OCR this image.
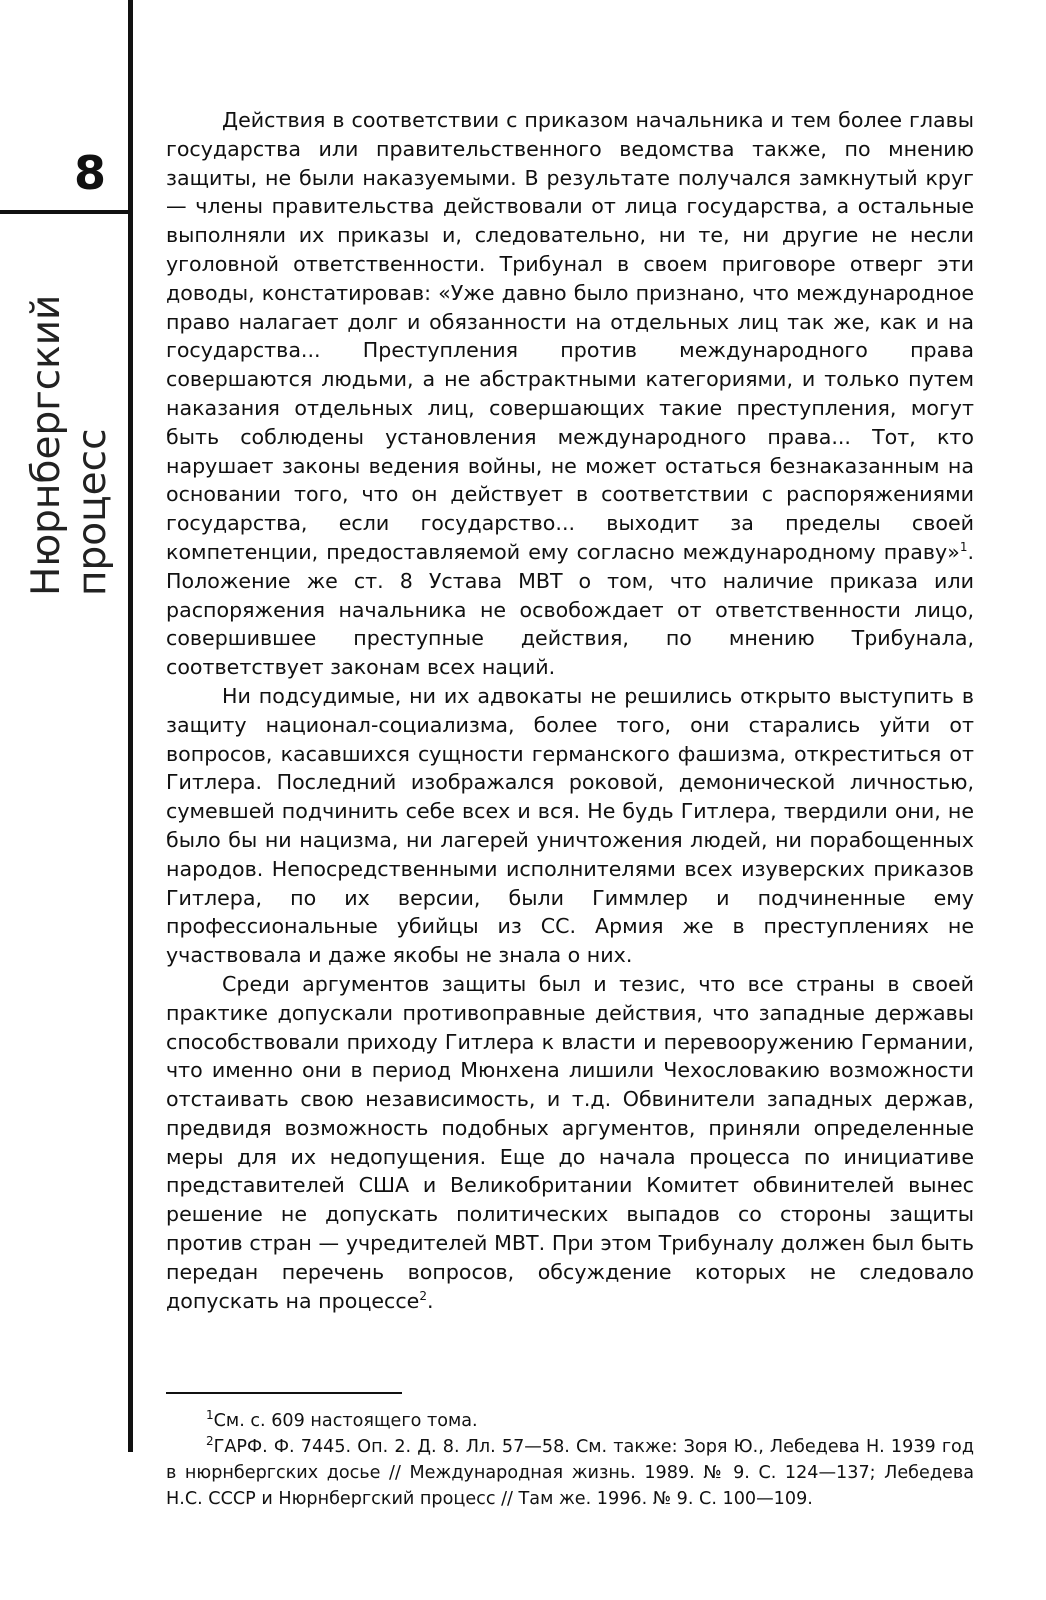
8
Нюрнбергский процесс

Действия в соответствии с приказом начальника и тем более главы государства или правительственного ведомства также, по мнению защиты, не были наказуемыми. В результате получался замкнутый круг — члены правительства действовали от лица государства, а остальные выполняли их приказы и, следовательно, ни те, ни другие не несли уголовной ответственности. Трибунал в своем приговоре отверг эти доводы, констатировав: «Уже давно было признано, что международное право налагает долг и обязанности на отдельных лиц так же, как и на государства... Преступления против международного права совершаются людьми, а не абстрактными категориями, и только путем наказания отдельных лиц, совершающих такие преступления, могут быть соблюдены установления международного права... Тот, кто нарушает законы ведения войны, не может остаться безнаказанным на основании того, что он действует в соответствии с распоряжениями государства, если государство... выходит за пределы своей компетенции, предоставляемой ему согласно международному праву»$^1$. Положение же ст. 8 Устава МВТ о том, что наличие приказа или распоряжения начальника не освобождает от ответственности лицо, совершившее преступные действия, по мнению Трибунала, соответствует законам всех наций.

Ни подсудимые, ни их адвокаты не решились открыто выступить в защиту национал-социализма, более того, они старались уйти от вопросов, касавшихся сущности германского фашизма, откреститься от Гитлера. Последний изображался роковой, демонической личностью, сумевшей подчинить себе всех и вся. Не будь Гитлера, твердили они, не было бы ни нацизма, ни лагерей уничтожения людей, ни порабощенных народов. Непосредственными исполнителями всех изуверских приказов Гитлера, по их версии, были Гиммлер и подчиненные ему профессиональные убийцы из СС. Армия же в преступлениях не участвовала и даже якобы не знала о них.

Среди аргументов защиты был и тезис, что все страны в своей практике допускали противоправные действия, что западные державы способствовали приходу Гитлера к власти и перевооружению Германии, что именно они в период Мюнхена лишили Чехословакию возможности отстаивать свою независимость, и т.д. Обвинители западных держав, предвидя возможность подобных аргументов, приняли определенные меры для их недопущения. Еще до начала процесса по инициативе представителей США и Великобритании Комитет обвинителей вынес решение не допускать политических выпадов со стороны защиты против стран — учредителей МВТ. При этом Трибуналу должен был быть передан перечень вопросов, обсуждение которых не следовало допускать на процессе$^2$.

$^1$См. с. 609 настоящего тома.

$^2$ГАРФ. Ф. 7445. Оп. 2. Д. 8. Лл. 57—58. См. также: Зоря Ю., Лебедева Н. 1939 год в нюрнбергских досье // Международная жизнь. 1989. № 9. С. 124—137; Лебедева Н.С. СССР и Нюрнбергский процесс // Там же. 1996. № 9. С. 100—109.
